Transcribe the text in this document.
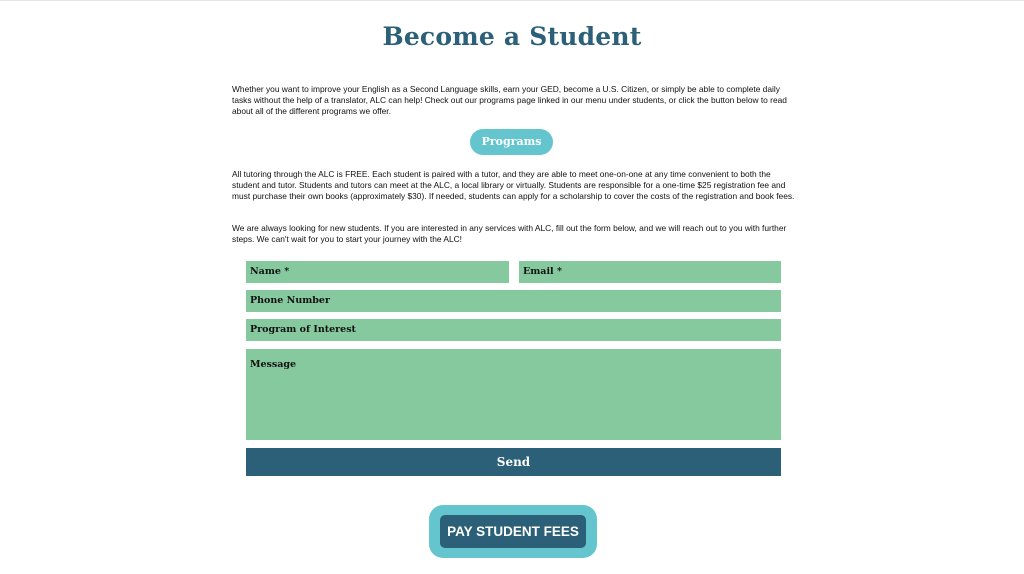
Become a Student

Whether you want to improve your English as a Second Language skills, earn your GED, become a U.S. Citizen, or simply be able to complete daily tasks without the help of a translator, ALC can help! Check out our programs page linked in our menu under students, or click the button below to read about all of the different programs we offer.

Programs

All tutoring through the ALC is FREE. Each student is paired with a tutor, and they are able to meet one-on-one at any time convenient to both the student and tutor. Students and tutors can meet at the ALC, a local library or virtually. Students are responsible for a one-time $25 registration fee and must purchase their own books (approximately $30). If needed, students can apply for a scholarship to cover the costs of the registration and book fees.

We are always looking for new students. If you are interested in any services with ALC, fill out the form below, and we will reach out to you with further steps. We can't wait for you to start your journey with the ALC!

Name *	Email *
Phone Number
Program of Interest
Message
Send
PAY STUDENT FEES
